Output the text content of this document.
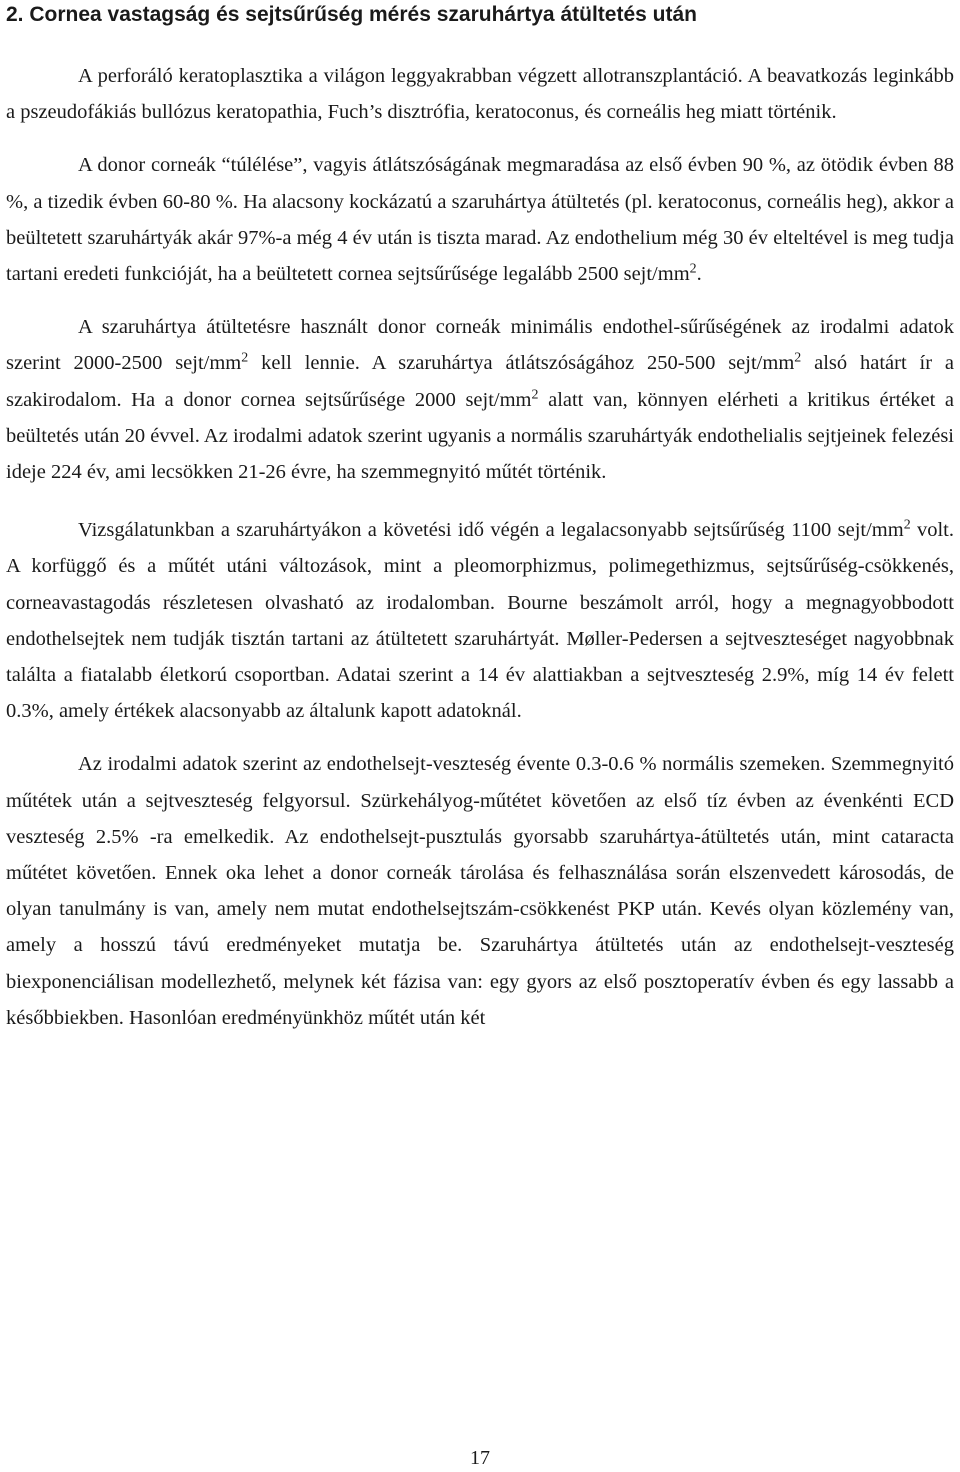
2. Cornea vastagság és sejtsűrűség mérés szaruhártya átültetés után

A perforáló keratoplasztika a világon leggyakrabban végzett allotranszplantáció. A beavatkozás leginkább a pszeudofákiás bullózus keratopathia, Fuch’s disztrófia, keratoconus, és corneális heg miatt történik.

A donor corneák “túlélése”, vagyis átlátszóságának megmaradása az első évben 90 %, az ötödik évben 88 %, a tizedik évben 60-80 %. Ha alacsony kockázatú a szaruhártya átültetés (pl. keratoconus, corneális heg), akkor a beültetett szaruhártyák akár 97%-a még 4 év után is tiszta marad. Az endothelium még 30 év elteltével is meg tudja tartani eredeti funkcióját, ha a beültetett cornea sejtsűrűsége legalább 2500 sejt/$mm^2$.

A szaruhártya átültetésre használt donor corneák minimális endothel-sűrűségének az irodalmi adatok szerint 2000-2500 sejt/$mm^2$ kell lennie. A szaruhártya átlátszóságához 250-500 sejt/$mm^2$ alsó határt ír a szakirodalom. Ha a donor cornea sejtsűrűsége 2000 sejt/$mm^2$ alatt van, könnyen elérheti a kritikus értéket a beültetés után 20 évvel. Az irodalmi adatok szerint ugyanis a normális szaruhártyák endothelialis sejtjeinek felezési ideje 224 év, ami lecsökken 21-26 évre, ha szemmegnyitó műtét történik.

Vizsgálatunkban a szaruhártyákon a követési idő végén a legalacsonyabb sejtsűrűség 1100 sejt/$mm^2$ volt. A korfüggő és a műtét utáni változások, mint a pleomorphizmus, polimegethizmus, sejtsűrűség-csökkenés, corneavastagodás részletesen olvasható az irodalomban. Bourne beszámolt arról, hogy a megnagyobbodott endothelsejtek nem tudják tisztán tartani az átültetett szaruhártyát. Møller-Pedersen a sejtveszteséget nagyobbnak találta a fiatalabb életkorú csoportban. Adatai szerint a 14 év alattiakban a sejtveszteség 2.9%, míg 14 év felett 0.3%, amely értékek alacsonyabb az általunk kapott adatoknál.

Az irodalmi adatok szerint az endothelsejt-veszteség évente 0.3-0.6 % normális szemeken. Szemmegnyitó műtétek után a sejtveszteség felgyorsul. Szürkehályog-műtétet követően az első tíz évben az évenkénti ECD veszteség 2.5% -ra emelkedik. Az endothelsejt-pusztulás gyorsabb szaruhártya-átültetés után, mint cataracta műtétet követően. Ennek oka lehet a donor corneák tárolása és felhasználása során elszenvedett károsodás, de olyan tanulmány is van, amely nem mutat endothelsejtszám-csökkenést PKP után. Kevés olyan közlemény van, amely a hosszú távú eredményeket mutatja be. Szaruhártya átültetés után az endothelsejt-veszteség biexponenciálisan modellezhető, melynek két fázisa van: egy gyors az első posztoperatív évben és egy lassabb a későbbiekben. Hasonlóan eredményünkhöz műtét után két

17
